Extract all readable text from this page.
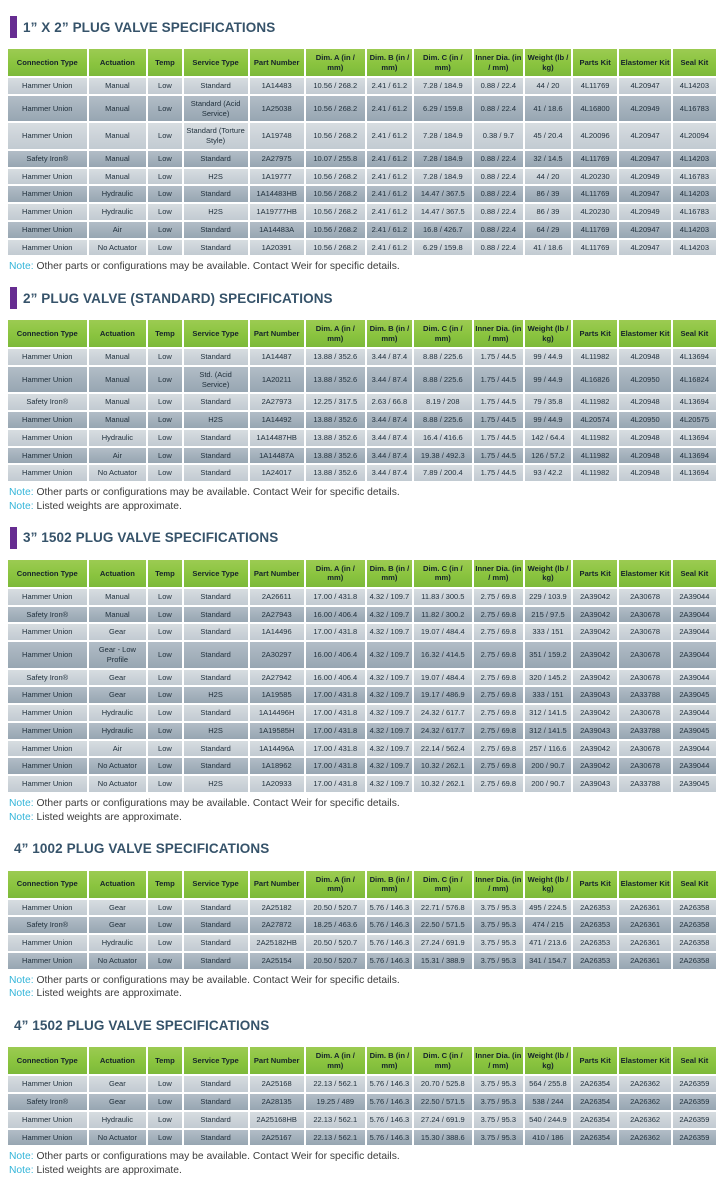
1” X 2” PLUG VALVE SPECIFICATIONS
Connection Type	Actuation	Temp	Service Type	Part Number	Dim. A (in / mm)	Dim. B (in / mm)	Dim. C (in / mm)	Inner Dia. (in / mm)	Weight (lb / kg)	Parts Kit	Elastomer Kit	Seal Kit
Hammer Union	Manual	Low	Standard	1A14483	10.56 / 268.2	2.41 / 61.2	7.28 / 184.9	0.88 / 22.4	44 / 20	4L11769	4L20947	4L14203
Hammer Union	Manual	Low	Standard (Acid Service)	1A25038	10.56 / 268.2	2.41 / 61.2	6.29 / 159.8	0.88 / 22.4	41 / 18.6	4L16800	4L20949	4L16783
Hammer Union	Manual	Low	Standard (Torture Style)	1A19748	10.56 / 268.2	2.41 / 61.2	7.28 / 184.9	0.38 / 9.7	45 / 20.4	4L20096	4L20947	4L20094
Safety Iron®	Manual	Low	Standard	2A27975	10.07 / 255.8	2.41 / 61.2	7.28 / 184.9	0.88 / 22.4	32 / 14.5	4L11769	4L20947	4L14203
Hammer Union	Manual	Low	H2S	1A19777	10.56 / 268.2	2.41 / 61.2	7.28 / 184.9	0.88 / 22.4	44 / 20	4L20230	4L20949	4L16783
Hammer Union	Hydraulic	Low	Standard	1A14483HB	10.56 / 268.2	2.41 / 61.2	14.47 / 367.5	0.88 / 22.4	86 / 39	4L11769	4L20947	4L14203
Hammer Union	Hydraulic	Low	H2S	1A19777HB	10.56 / 268.2	2.41 / 61.2	14.47 / 367.5	0.88 / 22.4	86 / 39	4L20230	4L20949	4L16783
Hammer Union	Air	Low	Standard	1A14483A	10.56 / 268.2	2.41 / 61.2	16.8 / 426.7	0.88 / 22.4	64 / 29	4L11769	4L20947	4L14203
Hammer Union	No Actuator	Low	Standard	1A20391	10.56 / 268.2	2.41 / 61.2	6.29 / 159.8	0.88 / 22.4	41 / 18.6	4L11769	4L20947	4L14203

Note: Other parts or configurations may be available. Contact Weir for specific details.

2” PLUG VALVE (STANDARD) SPECIFICATIONS
Connection Type	Actuation	Temp	Service Type	Part Number	Dim. A (in / mm)	Dim. B (in / mm)	Dim. C (in / mm)	Inner Dia. (in / mm)	Weight (lb / kg)	Parts Kit	Elastomer Kit	Seal Kit
Hammer Union	Manual	Low	Standard	1A14487	13.88 / 352.6	3.44 / 87.4	8.88 / 225.6	1.75 / 44.5	99 / 44.9	4L11982	4L20948	4L13694
Hammer Union	Manual	Low	Std. (Acid Service)	1A20211	13.88 / 352.6	3.44 / 87.4	8.88 / 225.6	1.75 / 44.5	99 / 44.9	4L16826	4L20950	4L16824
Safety Iron®	Manual	Low	Standard	2A27973	12.25 / 317.5	2.63 / 66.8	8.19 / 208	1.75 / 44.5	79 / 35.8	4L11982	4L20948	4L13694
Hammer Union	Manual	Low	H2S	1A14492	13.88 / 352.6	3.44 / 87.4	8.88 / 225.6	1.75 / 44.5	99 / 44.9	4L20574	4L20950	4L20575
Hammer Union	Hydraulic	Low	Standard	1A14487HB	13.88 / 352.6	3.44 / 87.4	16.4 / 416.6	1.75 / 44.5	142 / 64.4	4L11982	4L20948	4L13694
Hammer Union	Air	Low	Standard	1A14487A	13.88 / 352.6	3.44 / 87.4	19.38 / 492.3	1.75 / 44.5	126 / 57.2	4L11982	4L20948	4L13694
Hammer Union	No Actuator	Low	Standard	1A24017	13.88 / 352.6	3.44 / 87.4	7.89 / 200.4	1.75 / 44.5	93 / 42.2	4L11982	4L20948	4L13694

Note: Other parts or configurations may be available. Contact Weir for specific details.

Note: Listed weights are approximate.

3” 1502 PLUG VALVE SPECIFICATIONS
Connection Type	Actuation	Temp	Service Type	Part Number	Dim. A (in / mm)	Dim. B (in / mm)	Dim. C (in / mm)	Inner Dia. (in / mm)	Weight (lb / kg)	Parts Kit	Elastomer Kit	Seal Kit
Hammer Union	Manual	Low	Standard	2A26611	17.00 / 431.8	4.32 / 109.7	11.83 / 300.5	2.75 / 69.8	229 / 103.9	2A39042	2A30678	2A39044
Safety Iron®	Manual	Low	Standard	2A27943	16.00 / 406.4	4.32 / 109.7	11.82 / 300.2	2.75 / 69.8	215 / 97.5	2A39042	2A30678	2A39044
Hammer Union	Gear	Low	Standard	1A14496	17.00 / 431.8	4.32 / 109.7	19.07 / 484.4	2.75 / 69.8	333 / 151	2A39042	2A30678	2A39044
Hammer Union	Gear - Low Profile	Low	Standard	2A30297	16.00 / 406.4	4.32 / 109.7	16.32 / 414.5	2.75 / 69.8	351 / 159.2	2A39042	2A30678	2A39044
Safety Iron®	Gear	Low	Standard	2A27942	16.00 / 406.4	4.32 / 109.7	19.07 / 484.4	2.75 / 69.8	320 / 145.2	2A39042	2A30678	2A39044
Hammer Union	Gear	Low	H2S	1A19585	17.00 / 431.8	4.32 / 109.7	19.17 / 486.9	2.75 / 69.8	333 / 151	2A39043	2A33788	2A39045
Hammer Union	Hydraulic	Low	Standard	1A14496H	17.00 / 431.8	4.32 / 109.7	24.32 / 617.7	2.75 / 69.8	312 / 141.5	2A39042	2A30678	2A39044
Hammer Union	Hydraulic	Low	H2S	1A19585H	17.00 / 431.8	4.32 / 109.7	24.32 / 617.7	2.75 / 69.8	312 / 141.5	2A39043	2A33788	2A39045
Hammer Union	Air	Low	Standard	1A14496A	17.00 / 431.8	4.32 / 109.7	22.14 / 562.4	2.75 / 69.8	257 / 116.6	2A39042	2A30678	2A39044
Hammer Union	No Actuator	Low	Standard	1A18962	17.00 / 431.8	4.32 / 109.7	10.32 / 262.1	2.75 / 69.8	200 / 90.7	2A39042	2A30678	2A39044
Hammer Union	No Actuator	Low	H2S	1A20933	17.00 / 431.8	4.32 / 109.7	10.32 / 262.1	2.75 / 69.8	200 / 90.7	2A39043	2A33788	2A39045

Note: Other parts or configurations may be available. Contact Weir for specific details.

Note: Listed weights are approximate.

4” 1002 PLUG VALVE SPECIFICATIONS
Connection Type	Actuation	Temp	Service Type	Part Number	Dim. A (in / mm)	Dim. B (in / mm)	Dim. C (in / mm)	Inner Dia. (in / mm)	Weight (lb / kg)	Parts Kit	Elastomer Kit	Seal Kit
Hammer Union	Gear	Low	Standard	2A25182	20.50 / 520.7	5.76 / 146.3	22.71 / 576.8	3.75 / 95.3	495 / 224.5	2A26353	2A26361	2A26358
Safety Iron®	Gear	Low	Standard	2A27872	18.25 / 463.6	5.76 / 146.3	22.50 / 571.5	3.75 / 95.3	474 / 215	2A26353	2A26361	2A26358
Hammer Union	Hydraulic	Low	Standard	2A25182HB	20.50 / 520.7	5.76 / 146.3	27.24 / 691.9	3.75 / 95.3	471 / 213.6	2A26353	2A26361	2A26358
Hammer Union	No Actuator	Low	Standard	2A25154	20.50 / 520.7	5.76 / 146.3	15.31 / 388.9	3.75 / 95.3	341 / 154.7	2A26353	2A26361	2A26358

Note: Other parts or configurations may be available. Contact Weir for specific details.

Note: Listed weights are approximate.

4” 1502 PLUG VALVE SPECIFICATIONS
Connection Type	Actuation	Temp	Service Type	Part Number	Dim. A (in / mm)	Dim. B (in / mm)	Dim. C (in / mm)	Inner Dia. (in / mm)	Weight (lb / kg)	Parts Kit	Elastomer Kit	Seal Kit
Hammer Union	Gear	Low	Standard	2A25168	22.13 / 562.1	5.76 / 146.3	20.70 / 525.8	3.75 / 95.3	564 / 255.8	2A26354	2A26362	2A26359
Safety Iron®	Gear	Low	Standard	2A28135	19.25 / 489	5.76 / 146.3	22.50 / 571.5	3.75 / 95.3	538 / 244	2A26354	2A26362	2A26359
Hammer Union	Hydraulic	Low	Standard	2A25168HB	22.13 / 562.1	5.76 / 146.3	27.24 / 691.9	3.75 / 95.3	540 / 244.9	2A26354	2A26362	2A26359
Hammer Union	No Actuator	Low	Standard	2A25167	22.13 / 562.1	5.76 / 146.3	15.30 / 388.6	3.75 / 95.3	410 / 186	2A26354	2A26362	2A26359

Note: Other parts or configurations may be available. Contact Weir for specific details.

Note: Listed weights are approximate.
